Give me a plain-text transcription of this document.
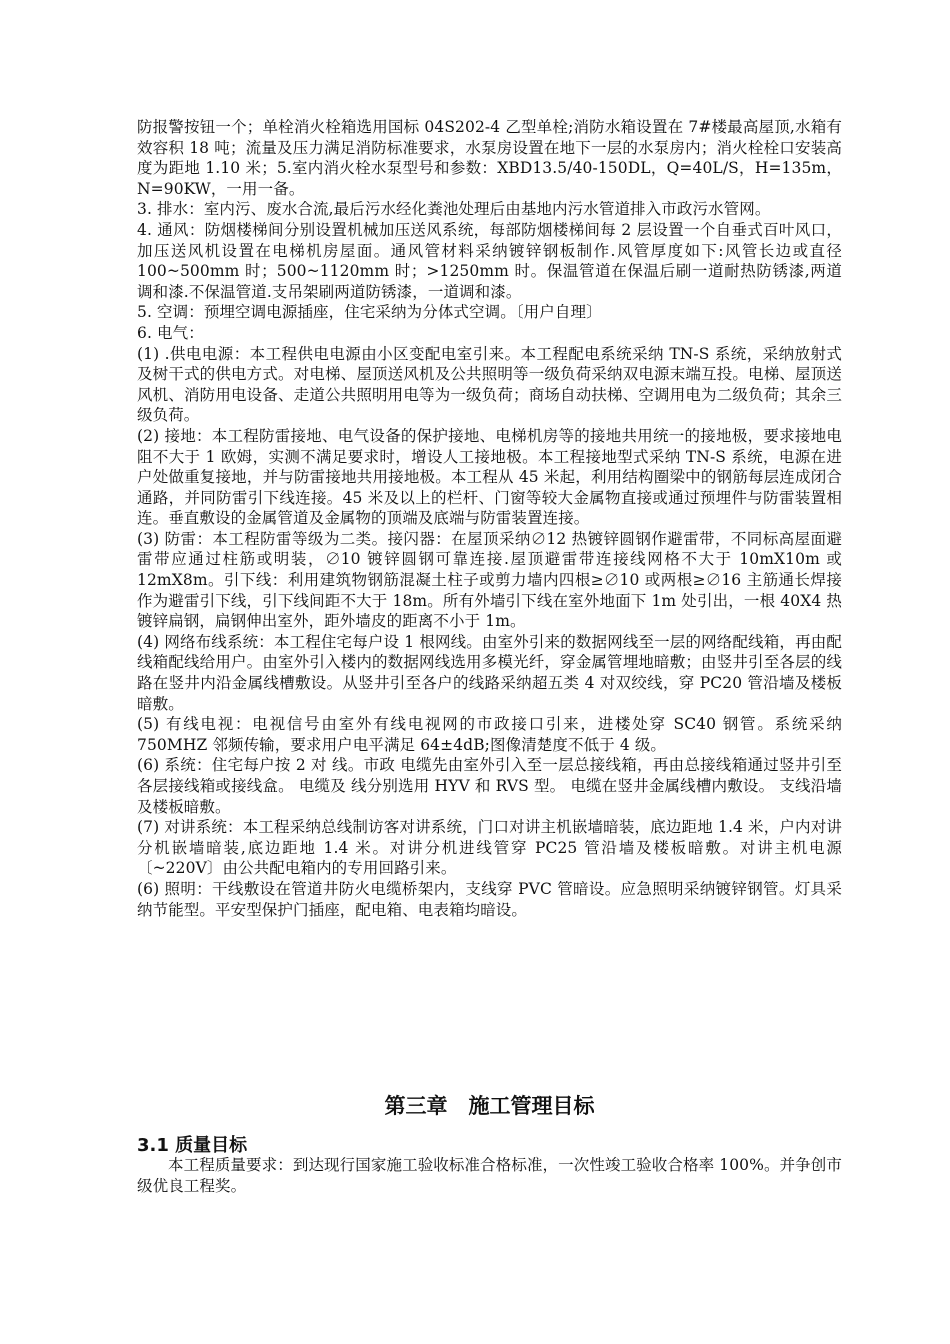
防报警按钮一个；单栓消火栓箱选用国标 04S202-4 乙型单栓;消防水箱设置在 7#楼最高屋顶,水箱有效容积 18 吨；流量及压力满足消防标准要求，水泵房设置在地下一层的水泵房内；消火栓栓口安装高度为距地 1.10 米；5.室内消火栓水泵型号和参数：XBD13.5/40-150DL，Q=40L/S，H=135m，N=90KW，一用一备。

3. 排水：室内污、废水合流,最后污水经化粪池处理后由基地内污水管道排入市政污水管网。

4. 通风：防烟楼梯间分别设置机械加压送风系统，每部防烟楼梯间每 2 层设置一个自垂式百叶风口，加压送风机设置在电梯机房屋面。通风管材料采纳镀锌钢板制作.风管厚度如下:风管长边或直径 100~500mm 时；500~1120mm 时；>1250mm 时。保温管道在保温后刷一道耐热防锈漆,两道调和漆.不保温管道.支吊架刷两道防锈漆，一道调和漆。

5. 空调：预埋空调电源插座，住宅采纳为分体式空调。〔用户自理〕

6. 电气：

(1) .供电电源：本工程供电电源由小区变配电室引来。本工程配电系统采纳 TN-S 系统，采纳放射式及树干式的供电方式。对电梯、屋顶送风机及公共照明等一级负荷采纳双电源末端互投。电梯、屋顶送风机、消防用电设备、走道公共照明用电等为一级负荷；商场自动扶梯、空调用电为二级负荷；其余三级负荷。

(2) 接地：本工程防雷接地、电气设备的保护接地、电梯机房等的接地共用统一的接地极，要求接地电阻不大于 1 欧姆，实测不满足要求时，增设人工接地极。本工程接地型式采纳 TN-S 系统，电源在进户处做重复接地，并与防雷接地共用接地极。本工程从 45 米起，利用结构圈梁中的钢筋每层连成闭合通路，并同防雷引下线连接。45 米及以上的栏杆、门窗等较大金属物直接或通过预埋件与防雷装置相连。垂直敷设的金属管道及金属物的顶端及底端与防雷装置连接。

(3) 防雷：本工程防雷等级为二类。接闪器：在屋顶采纳∅12 热镀锌圆钢作避雷带，不同标高屋面避雷带应通过柱筋或明装，∅10 镀锌圆钢可靠连接.屋顶避雷带连接线网格不大于 10mX10m 或 12mX8m。引下线：利用建筑物钢筋混凝土柱子或剪力墙内四根≥∅10 或两根≥∅16 主筋通长焊接作为避雷引下线，引下线间距不大于 18m。所有外墙引下线在室外地面下 1m 处引出，一根 40X4 热镀锌扁钢，扁钢伸出室外，距外墙皮的距离不小于 1m。

(4) 网络布线系统：本工程住宅每户设 1 根网线。由室外引来的数据网线至一层的网络配线箱，再由配线箱配线给用户。由室外引入楼内的数据网线选用多模光纤，穿金属管埋地暗敷；由竖井引至各层的线路在竖井内沿金属线槽敷设。从竖井引至各户的线路采纳超五类 4 对双绞线，穿 PC20 管沿墙及楼板暗敷。

(5) 有线电视：电视信号由室外有线电视网的市政接口引来，进楼处穿 SC40 钢管。系统采纳 750MHZ 邻频传输，要求用户电平满足 64±4dB;图像清楚度不低于 4 级。

(6) 系统：住宅每户按 2 对 线。市政 电缆先由室外引入至一层总接线箱，再由总接线箱通过竖井引至各层接线箱或接线盒。 电缆及 线分别选用 HYV 和 RVS 型。 电缆在竖井金属线槽内敷设。 支线沿墙及楼板暗敷。

(7) 对讲系统：本工程采纳总线制访客对讲系统，门口对讲主机嵌墙暗装，底边距地 1.4 米，户内对讲分机嵌墙暗装,底边距地 1.4 米。对讲分机进线管穿 PC25 管沿墙及楼板暗敷。对讲主机电源 〔~220V〕由公共配电箱内的专用回路引来。

(6) 照明：干线敷设在管道井防火电缆桥架内，支线穿 PVC 管暗设。应急照明采纳镀锌钢管。灯具采纳节能型。平安型保护门插座，配电箱、电表箱均暗设。

第三章　施工管理目标
3.1 质量目标

本工程质量要求：到达现行国家施工验收标准合格标准，一次性竣工验收合格率 100%。并争创市级优良工程奖。
